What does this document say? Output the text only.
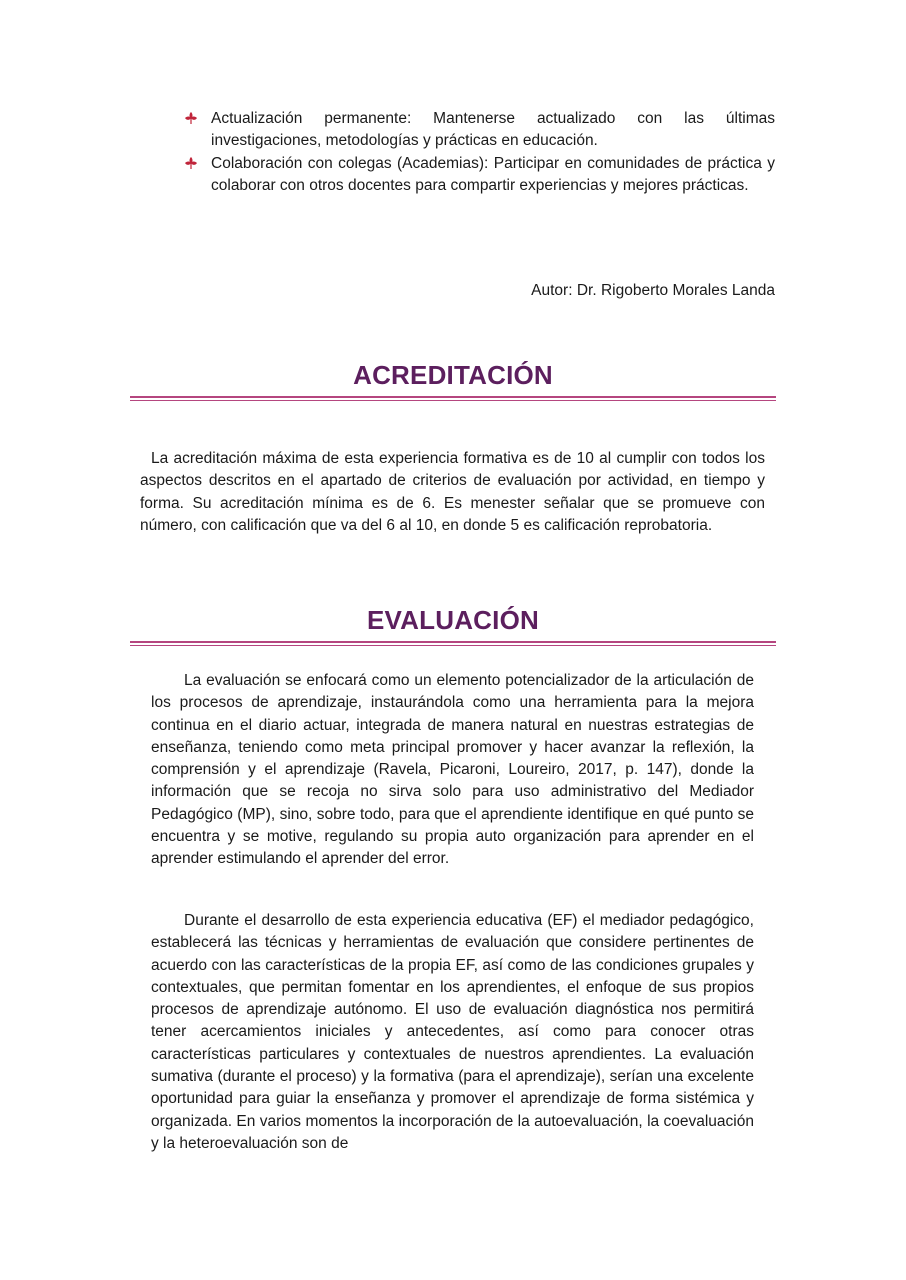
Actualización permanente: Mantenerse actualizado con las últimas investigaciones, metodologías y prácticas en educación.
Colaboración con colegas (Academias): Participar en comunidades de práctica y colaborar con otros docentes para compartir experiencias y mejores prácticas.
Autor: Dr. Rigoberto Morales Landa
ACREDITACIÓN

La acreditación máxima de esta experiencia formativa es de 10 al cumplir con todos los aspectos descritos en el apartado de criterios de evaluación por actividad, en tiempo y forma. Su acreditación mínima es de 6. Es menester señalar que se promueve con número, con calificación que va del 6 al 10, en donde 5 es calificación reprobatoria.

EVALUACIÓN

La evaluación se enfocará como un elemento potencializador de la articulación de los procesos de aprendizaje, instaurándola como una herramienta para la mejora continua en el diario actuar, integrada de manera natural en nuestras estrategias de enseñanza, teniendo como meta principal promover y hacer avanzar la reflexión, la comprensión y el aprendizaje (Ravela, Picaroni, Loureiro, 2017, p. 147), donde la información que se recoja no sirva solo para uso administrativo del Mediador Pedagógico (MP), sino, sobre todo, para que el aprendiente identifique en qué punto se encuentra y se motive, regulando su propia auto organización para aprender en el aprender estimulando el aprender del error.

Durante el desarrollo de esta experiencia educativa (EF) el mediador pedagógico, establecerá las técnicas y herramientas de evaluación que considere pertinentes de acuerdo con las características de la propia EF, así como de las condiciones grupales y contextuales, que permitan fomentar en los aprendientes, el enfoque de sus propios procesos de aprendizaje autónomo. El uso de evaluación diagnóstica nos permitirá tener acercamientos iniciales y antecedentes, así como para conocer otras características particulares y contextuales de nuestros aprendientes. La evaluación sumativa (durante el proceso) y la formativa (para el aprendizaje), serían una excelente oportunidad para guiar la enseñanza y promover el aprendizaje de forma sistémica y organizada. En varios momentos la incorporación de la autoevaluación, la coevaluación y la heteroevaluación son de
